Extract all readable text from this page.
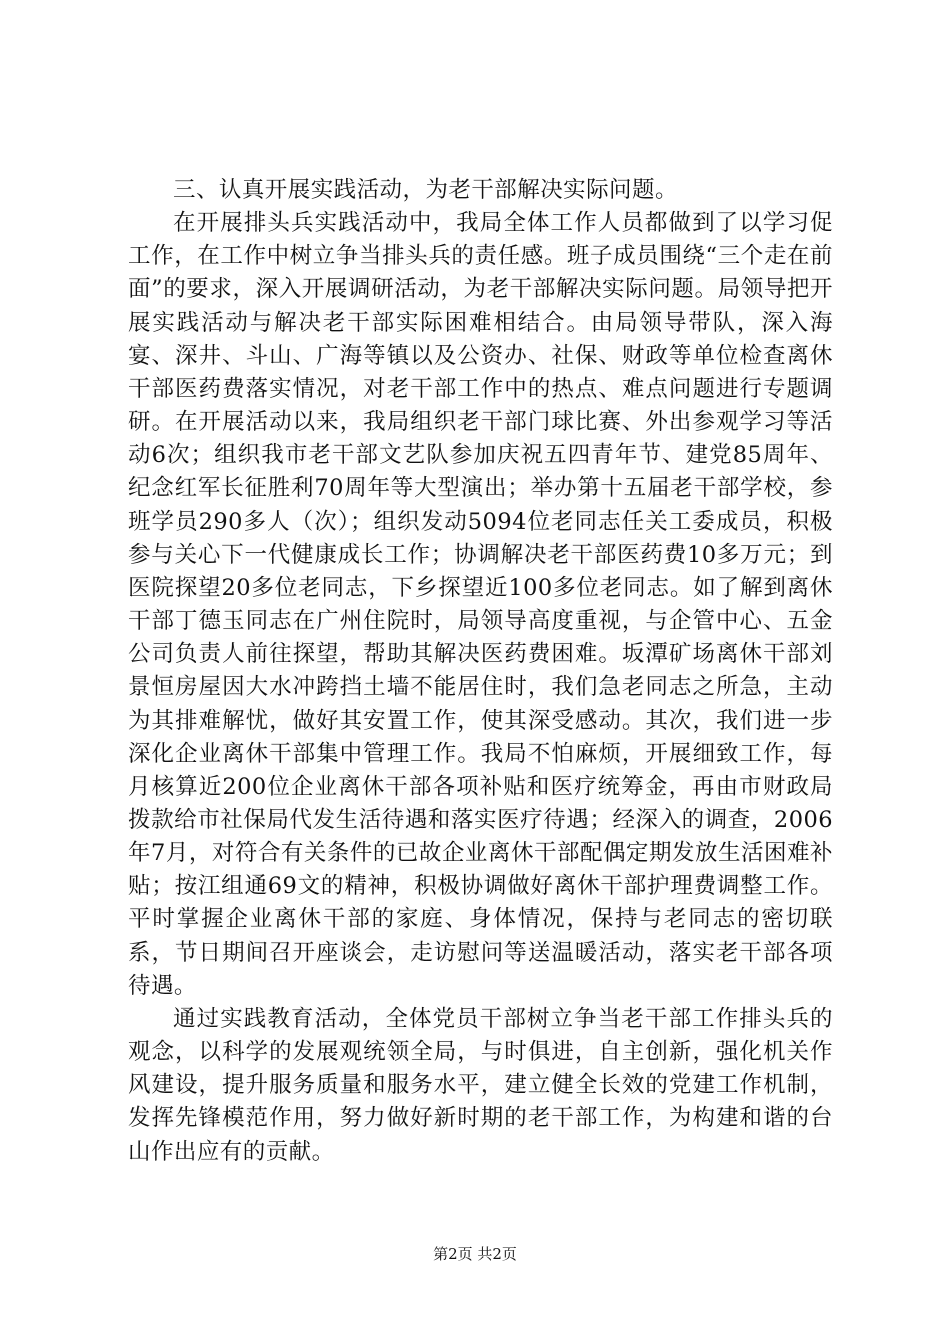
三、认真开展实践活动，为老干部解决实际问题。

在开展排头兵实践活动中，我局全体工作人员都做到了以学习促工作，在工作中树立争当排头兵的责任感。班子成员围绕“三个走在前面”的要求，深入开展调研活动，为老干部解决实际问题。局领导把开展实践活动与解决老干部实际困难相结合。由局领导带队，深入海宴、深井、斗山、广海等镇以及公资办、社保、财政等单位检查离休干部医药费落实情况，对老干部工作中的热点、难点问题进行专题调研。在开展活动以来，我局组织老干部门球比赛、外出参观学习等活动6次；组织我市老干部文艺队参加庆祝五四青年节、建党85周年、纪念红军长征胜利70周年等大型演出；举办第十五届老干部学校，参班学员290多人（次）；组织发动5094位老同志任关工委成员，积极参与关心下一代健康成长工作；协调解决老干部医药费10多万元；到医院探望20多位老同志，下乡探望近100多位老同志。如了解到离休干部丁德玉同志在广州住院时，局领导高度重视，与企管中心、五金公司负责人前往探望，帮助其解决医药费困难。坂潭矿场离休干部刘景恒房屋因大水冲跨挡土墙不能居住时，我们急老同志之所急，主动为其排难解忧，做好其安置工作，使其深受感动。其次，我们进一步深化企业离休干部集中管理工作。我局不怕麻烦，开展细致工作，每月核算近200位企业离休干部各项补贴和医疗统筹金，再由市财政局拨款给市社保局代发生活待遇和落实医疗待遇；经深入的调查，2006年7月，对符合有关条件的已故企业离休干部配偶定期发放生活困难补贴；按江组通69文的精神，积极协调做好离休干部护理费调整工作。平时掌握企业离休干部的家庭、身体情况，保持与老同志的密切联系，节日期间召开座谈会，走访慰问等送温暖活动，落实老干部各项待遇。

通过实践教育活动，全体党员干部树立争当老干部工作排头兵的观念，以科学的发展观统领全局，与时俱进，自主创新，强化机关作风建设，提升服务质量和服务水平，建立健全长效的党建工作机制，发挥先锋模范作用，努力做好新时期的老干部工作，为构建和谐的台山作出应有的贡献。

第2页 共2页
